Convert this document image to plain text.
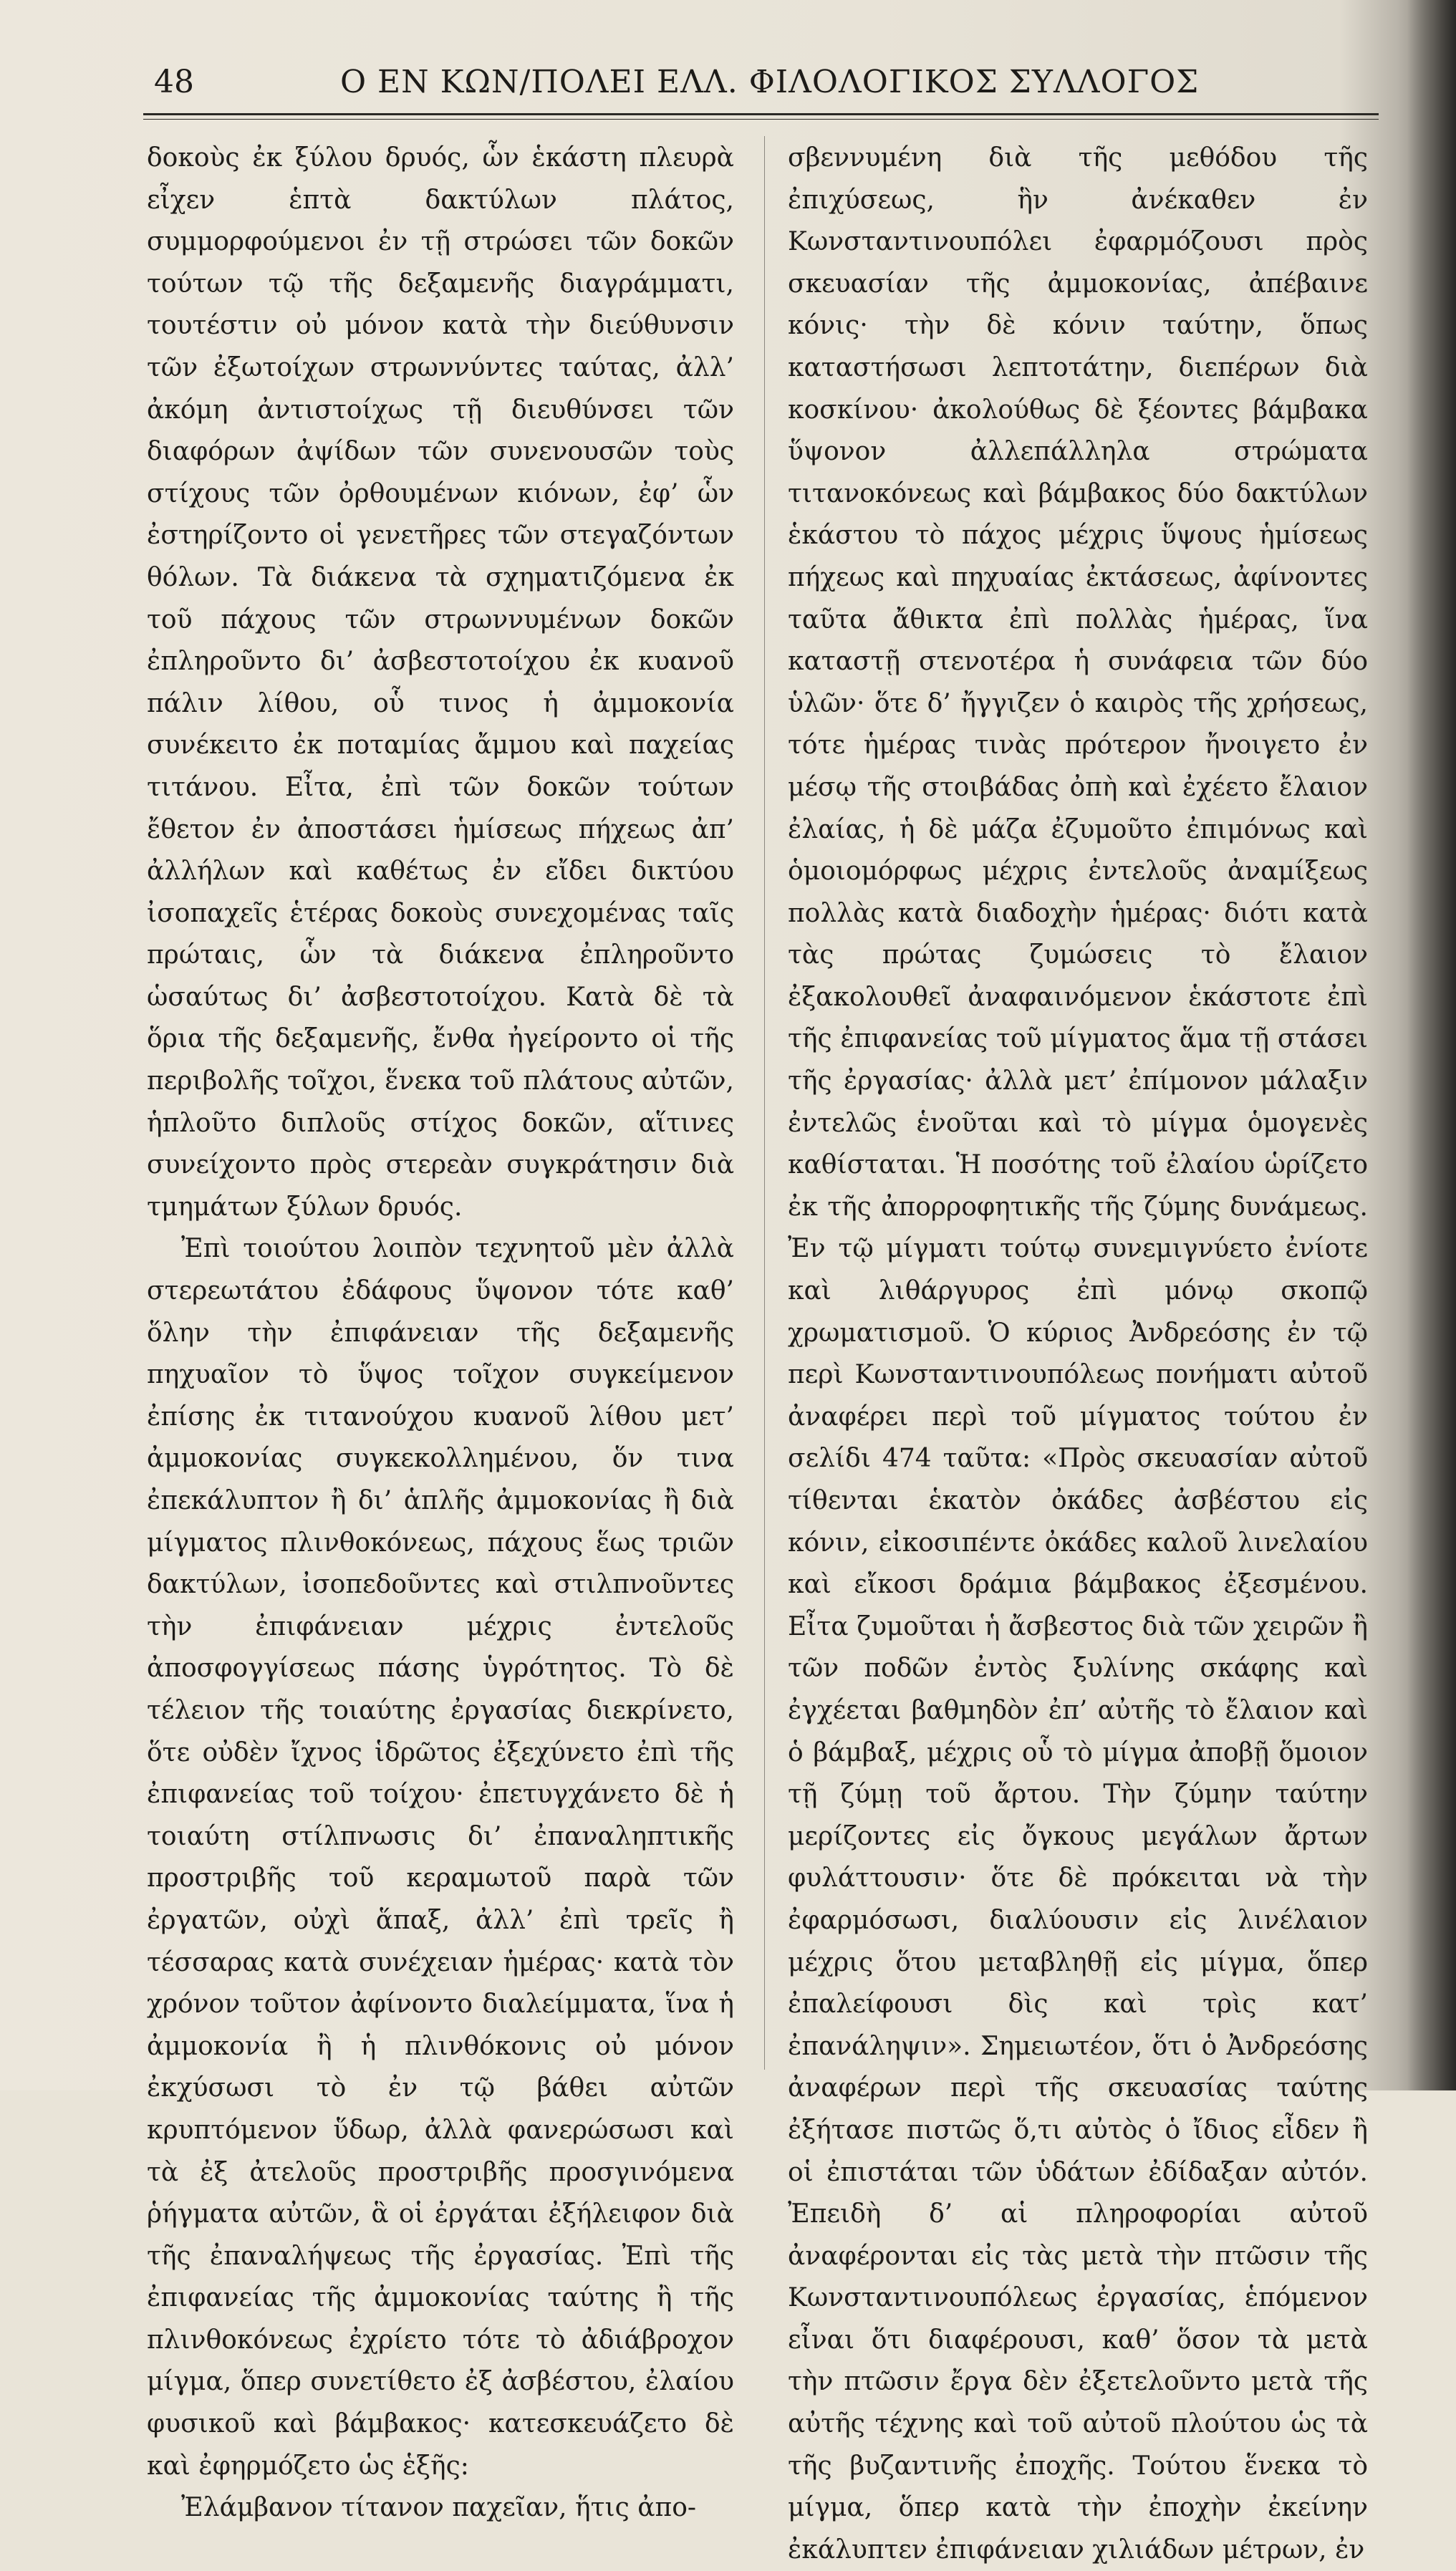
48	Ο ΕΝ ΚΩΝ/ΠΟΛΕΙ ΕΛΛ. ΦΙΛΟΛΟΓΙΚΟΣ ΣΥΛΛΟΓΟΣ

δοκοὺς ἐκ ξύλου δρυός, ὧν ἑκάστη πλευρὰ εἶχεν ἑπτὰ δακτύλων πλάτος, συμμορφούμενοι ἐν τῇ στρώσει τῶν δοκῶν τούτων τῷ τῆς δεξαμενῆς διαγράμματι, τουτέστιν οὐ μόνον κατὰ τὴν διεύθυνσιν τῶν ἐξωτοίχων στρωννύντες ταύτας, ἀλλ’ ἀκόμη ἀντιστοίχως τῇ διευθύνσει τῶν διαφόρων ἀψίδων τῶν συνενουσῶν τοὺς στίχους τῶν ὀρθουμένων κιόνων, ἐφ’ ὧν ἐστηρίζοντο οἱ γενετῆρες τῶν στεγαζόντων θόλων. Τὰ διάκενα τὰ σχηματιζόμενα ἐκ τοῦ πάχους τῶν στρωννυμένων δοκῶν ἐπληροῦντο δι’ ἀσβεστοτοίχου ἐκ κυανοῦ πάλιν λίθου, οὗ τινος ἡ ἀμμοκονία συνέκειτο ἐκ ποταμίας ἄμμου καὶ παχείας τιτάνου. Εἶτα, ἐπὶ τῶν δοκῶν τούτων ἔθετον ἐν ἀποστάσει ἡμίσεως πήχεως ἀπ’ ἀλλήλων καὶ καθέτως ἐν εἴδει δικτύου ἰσοπαχεῖς ἑτέρας δοκοὺς συνεχομένας ταῖς πρώταις, ὧν τὰ διάκενα ἐπληροῦντο ὡσαύτως δι’ ἀσβεστοτοίχου. Κατὰ δὲ τὰ ὅρια τῆς δεξαμενῆς, ἔνθα ἠγείροντο οἱ τῆς περιβολῆς τοῖχοι, ἕνεκα τοῦ πλάτους αὐτῶν, ἡπλοῦτο διπλοῦς στίχος δοκῶν, αἵτινες συνείχοντο πρὸς στερεὰν συγκράτησιν διὰ τμημάτων ξύλων δρυός.

Ἐπὶ τοιούτου λοιπὸν τεχνητοῦ μὲν ἀλλὰ στερεωτάτου ἐδάφους ὕψονον τότε καθ’ ὅλην τὴν ἐπιφάνειαν τῆς δεξαμενῆς πηχυαῖον τὸ ὕψος τοῖχον συγκείμενον ἐπίσης ἐκ τιτανούχου κυανοῦ λίθου μετ’ ἀμμοκονίας συγκεκολλημένου, ὅν τινα ἐπεκάλυπτον ἢ δι’ ἁπλῆς ἀμμοκονίας ἢ διὰ μίγματος πλινθοκόνεως, πάχους ἕως τριῶν δακτύλων, ἰσοπεδοῦντες καὶ στιλπνοῦντες τὴν ἐπιφάνειαν μέχρις ἐντελοῦς ἀποσφογγίσεως πάσης ὑγρότητος. Τὸ δὲ τέλειον τῆς τοιαύτης ἐργασίας διεκρίνετο, ὅτε οὐδὲν ἴχνος ἱδρῶτος ἐξεχύνετο ἐπὶ τῆς ἐπιφανείας τοῦ τοίχου· ἐπετυγχάνετο δὲ ἡ τοιαύτη στίλπνωσις δι’ ἐπαναληπτικῆς προστριβῆς τοῦ κεραμωτοῦ παρὰ τῶν ἐργατῶν, οὐχὶ ἅπαξ, ἀλλ’ ἐπὶ τρεῖς ἢ τέσσαρας κατὰ συνέχειαν ἡμέρας· κατὰ τὸν χρόνον τοῦτον ἀφίνοντο διαλείμματα, ἵνα ἡ ἀμμοκονία ἢ ἡ πλινθόκονις οὐ μόνον ἐκχύσωσι τὸ ἐν τῷ βάθει αὐτῶν κρυπτόμενον ὕδωρ, ἀλλὰ φανερώσωσι καὶ τὰ ἐξ ἀτελοῦς προστριβῆς προσγινόμενα ῥήγματα αὐτῶν, ἃ οἱ ἐργάται ἐξήλειφον διὰ τῆς ἐπαναλήψεως τῆς ἐργασίας. Ἐπὶ τῆς ἐπιφανείας τῆς ἀμμοκονίας ταύτης ἢ τῆς πλινθοκόνεως ἐχρίετο τότε τὸ ἀδιάβροχον μίγμα, ὅπερ συνετίθετο ἐξ ἀσβέστου, ἐλαίου φυσικοῦ καὶ βάμβακος· κατεσκευάζετο δὲ καὶ ἐφηρμόζετο ὡς ἑξῆς:

Ἐλάμβανον τίτανον παχεῖαν, ἥτις ἀπο-

σβεννυμένη διὰ τῆς μεθόδου τῆς ἐπιχύσεως, ἣν ἀνέκαθεν ἐν Κωνσταντινουπόλει ἐφαρμόζουσι πρὸς σκευασίαν τῆς ἀμμοκονίας, ἀπέβαινε κόνις· τὴν δὲ κόνιν ταύτην, ὅπως καταστήσωσι λεπτοτάτην, διεπέρων διὰ κοσκίνου· ἀκολούθως δὲ ξέοντες βάμβακα ὕψονον ἀλλεπάλληλα στρώματα τιτανοκόνεως καὶ βάμβακος δύο δακτύλων ἑκάστου τὸ πάχος μέχρις ὕψους ἡμίσεως πήχεως καὶ πηχυαίας ἐκτάσεως, ἀφίνοντες ταῦτα ἄθικτα ἐπὶ πολλὰς ἡμέρας, ἵνα καταστῇ στενοτέρα ἡ συνάφεια τῶν δύο ὑλῶν· ὅτε δ’ ἤγγιζεν ὁ καιρὸς τῆς χρήσεως, τότε ἡμέρας τινὰς πρότερον ἤνοιγετο ἐν μέσῳ τῆς στοιβάδας ὀπὴ καὶ ἐχέετο ἔλαιον ἐλαίας, ἡ δὲ μάζα ἐζυμοῦτο ἐπιμόνως καὶ ὁμοιομόρφως μέχρις ἐντελοῦς ἀναμίξεως πολλὰς κατὰ διαδοχὴν ἡμέρας· διότι κατὰ τὰς πρώτας ζυμώσεις τὸ ἔλαιον ἐξακολουθεῖ ἀναφαινόμενον ἑκάστοτε ἐπὶ τῆς ἐπιφανείας τοῦ μίγματος ἅμα τῇ στάσει τῆς ἐργασίας· ἀλλὰ μετ’ ἐπίμονον μάλαξιν ἐντελῶς ἑνοῦται καὶ τὸ μίγμα ὁμογενὲς καθίσταται. Ἡ ποσότης τοῦ ἐλαίου ὡρίζετο ἐκ τῆς ἀπορροφητικῆς τῆς ζύμης δυνάμεως. Ἐν τῷ μίγματι τούτῳ συνεμιγνύετο ἐνίοτε καὶ λιθάργυρος ἐπὶ μόνῳ σκοπῷ χρωματισμοῦ. Ὁ κύριος Ἀνδρεόσης ἐν τῷ περὶ Κωνσταντινουπόλεως πονήματι αὐτοῦ ἀναφέρει περὶ τοῦ μίγματος τούτου ἐν σελίδι 474 ταῦτα: «Πρὸς σκευασίαν αὐτοῦ τίθενται ἑκατὸν ὀκάδες ἀσβέστου εἰς κόνιν, εἰκοσιπέντε ὀκάδες καλοῦ λινελαίου καὶ εἴκοσι δράμια βάμβακος ἐξεσμένου. Εἶτα ζυμοῦται ἡ ἄσβεστος διὰ τῶν χειρῶν ἢ τῶν ποδῶν ἐντὸς ξυλίνης σκάφης καὶ ἐγχέεται βαθμηδὸν ἐπ’ αὐτῆς τὸ ἔλαιον καὶ ὁ βάμβαξ, μέχρις οὗ τὸ μίγμα ἀποβῇ ὅμοιον τῇ ζύμῃ τοῦ ἄρτου. Τὴν ζύμην ταύτην μερίζοντες εἰς ὄγκους μεγάλων ἄρτων φυλάττουσιν· ὅτε δὲ πρόκειται νὰ τὴν ἐφαρμόσωσι, διαλύουσιν εἰς λινέλαιον μέχρις ὅτου μεταβληθῇ εἰς μίγμα, ὅπερ ἐπαλείφουσι δὶς καὶ τρὶς κατ’ ἐπανάληψιν». Σημειωτέον, ὅτι ὁ Ἀνδρεόσης ἀναφέρων περὶ τῆς σκευασίας ταύτης ἐξήτασε πιστῶς ὅ,τι αὐτὸς ὁ ἴδιος εἶδεν ἢ οἱ ἐπιστάται τῶν ὑδάτων ἐδίδαξαν αὐτόν. Ἐπειδὴ δ’ αἱ πληροφορίαι αὐτοῦ ἀναφέρονται εἰς τὰς μετὰ τὴν πτῶσιν τῆς Κωνσταντινουπόλεως ἐργασίας, ἑπόμενον εἶναι ὅτι διαφέρουσι, καθ’ ὅσον τὰ μετὰ τὴν πτῶσιν ἔργα δὲν ἐξετελοῦντο μετὰ τῆς αὐτῆς τέχνης καὶ τοῦ αὐτοῦ πλούτου ὡς τὰ τῆς βυζαντινῆς ἐποχῆς. Τούτου ἕνεκα τὸ μίγμα, ὅπερ κατὰ τὴν ἐποχὴν ἐκείνην ἐκάλυπτεν ἐπιφάνειαν χιλιάδων μέτρων, ἐν
